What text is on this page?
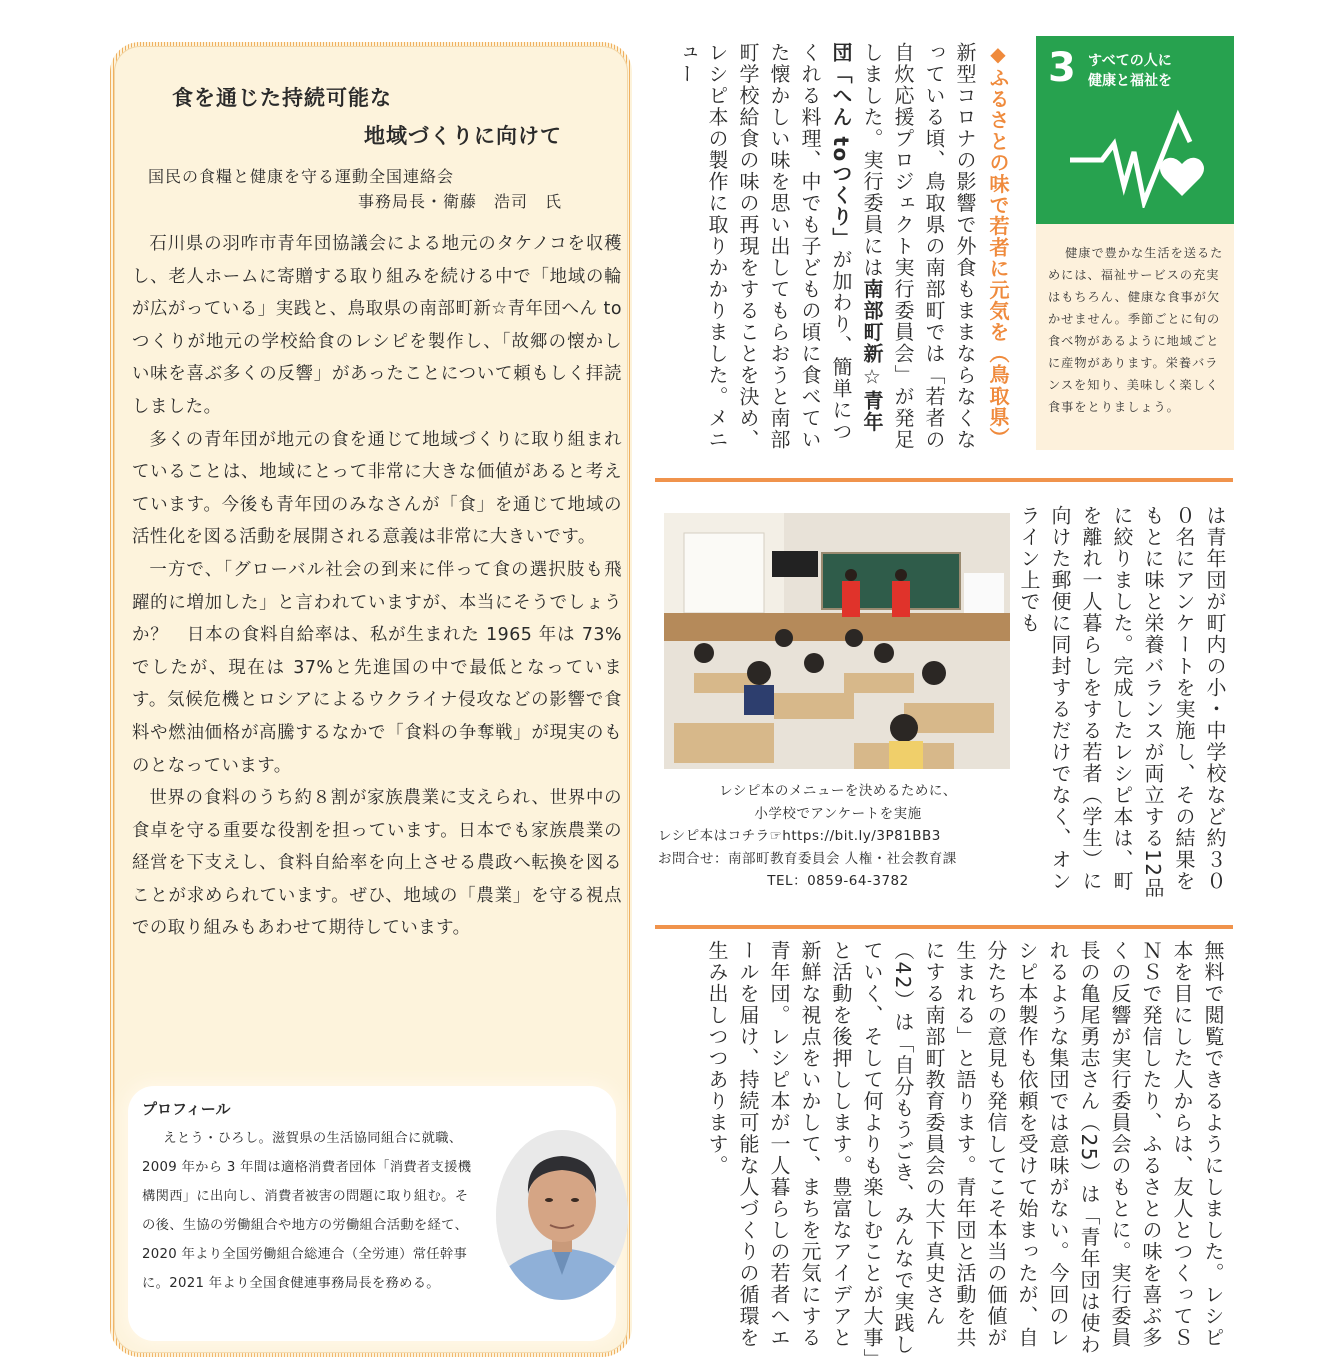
食を通じた持続可能な
地域づくりに向けて
国民の食糧と健康を守る運動全国連絡会
事務局長・衛藤　浩司　氏

石川県の羽咋市青年団協議会による地元のタケノコを収穫し、老人ホームに寄贈する取り組みを続ける中で「地域の輪が広がっている」実践と、鳥取県の南部町新☆青年団へん to つくりが地元の学校給食のレシピを製作し、「故郷の懐かしい味を喜ぶ多くの反響」があったことについて頼もしく拝読しました。

多くの青年団が地元の食を通じて地域づくりに取り組まれていることは、地域にとって非常に大きな価値があると考えています。今後も青年団のみなさんが「食」を通じて地域の活性化を図る活動を展開される意義は非常に大きいです。

一方で、「グローバル社会の到来に伴って食の選択肢も飛躍的に増加した」と言われていますが、本当にそうでしょうか？　日本の食料自給率は、私が生まれた 1965 年は 73%でしたが、現在は 37%と先進国の中で最低となっています。気候危機とロシアによるウクライナ侵攻などの影響で食料や燃油価格が高騰するなかで「食料の争奪戦」が現実のものとなっています。

世界の食料のうち約８割が家族農業に支えられ、世界中の食卓を守る重要な役割を担っています。日本でも家族農業の経営を下支えし、食料自給率を向上させる農政へ転換を図ることが求められています。ぜひ、地域の「農業」を守る視点での取り組みもあわせて期待しています。

プロフィール

えとう・ひろし。滋賀県の生活協同組合に就職、2009 年から 3 年間は適格消費者団体「消費者支援機構関西」に出向し、消費者被害の問題に取り組む。その後、生協の労働組合や地方の労働組合活動を経て、2020 年より全国労働組合総連合（全労連）常任幹事に。2021 年より全国食健連事務局長を務める。

3 すべての人に
健康と福祉を

健康で豊かな生活を送るためには、福祉サービスの充実はもちろん、健康な食事が欠かせません。季節ごとに旬の食べ物があるように地域ごとに産物があります。栄養バランスを知り、美味しく楽しく食事をとりましょう。

◆ふるさとの味で若者に元気を（鳥取県）
新型コロナの影響で外食もままならなくなっている頃、鳥取県の南部町では「若者の自炊応援プロジェクト実行委員会」が発足しました。実行委員には南部町新☆青年団「へん toつくり」が加わり、簡単につくれる料理、中でも子どもの頃に食べていた懐かしい味を思い出してもらおうと南部町学校給食の味の再現をすることを決め、レシピ本の製作に取りかかりました。メニュー
は青年団が町内の小・中学校など約３００名にアンケートを実施し、その結果をもとに味と栄養バランスが両立する12品に絞りました。完成したレシピ本は、町を離れ一人暮らしをする若者（学生）に向けた郵便に同封するだけでなく、オンライン上でも
レシピ本のメニューを決めるために、
小学校でアンケートを実施
レシピ本はコチラ☞https://bit.ly/3P81BB3
お問合せ：南部町教育委員会 人権・社会教育課
TEL：0859-64-3782
無料で閲覧できるようにしました。レシピ本を目にした人からは、友人とつくってＳＮＳで発信したり、ふるさとの味を喜ぶ多くの反響が実行委員会のもとに。実行委員長の亀尾勇志さん（25）は「青年団は使われるような集団では意味がない。今回のレシピ本製作も依頼を受けて始まったが、自分たちの意見も発信してこそ本当の価値が生まれる」と語ります。青年団と活動を共にする南部町教育委員会の大下真史さん（42）は「自分もうごき、みんなで実践していく、そして何よりも楽しむことが大事」と活動を後押しします。豊富なアイデアと新鮮な視点をいかして、まちを元気にする青年団。レシピ本が一人暮らしの若者へエールを届け、持続可能な人づくりの循環を生み出しつつあります。
